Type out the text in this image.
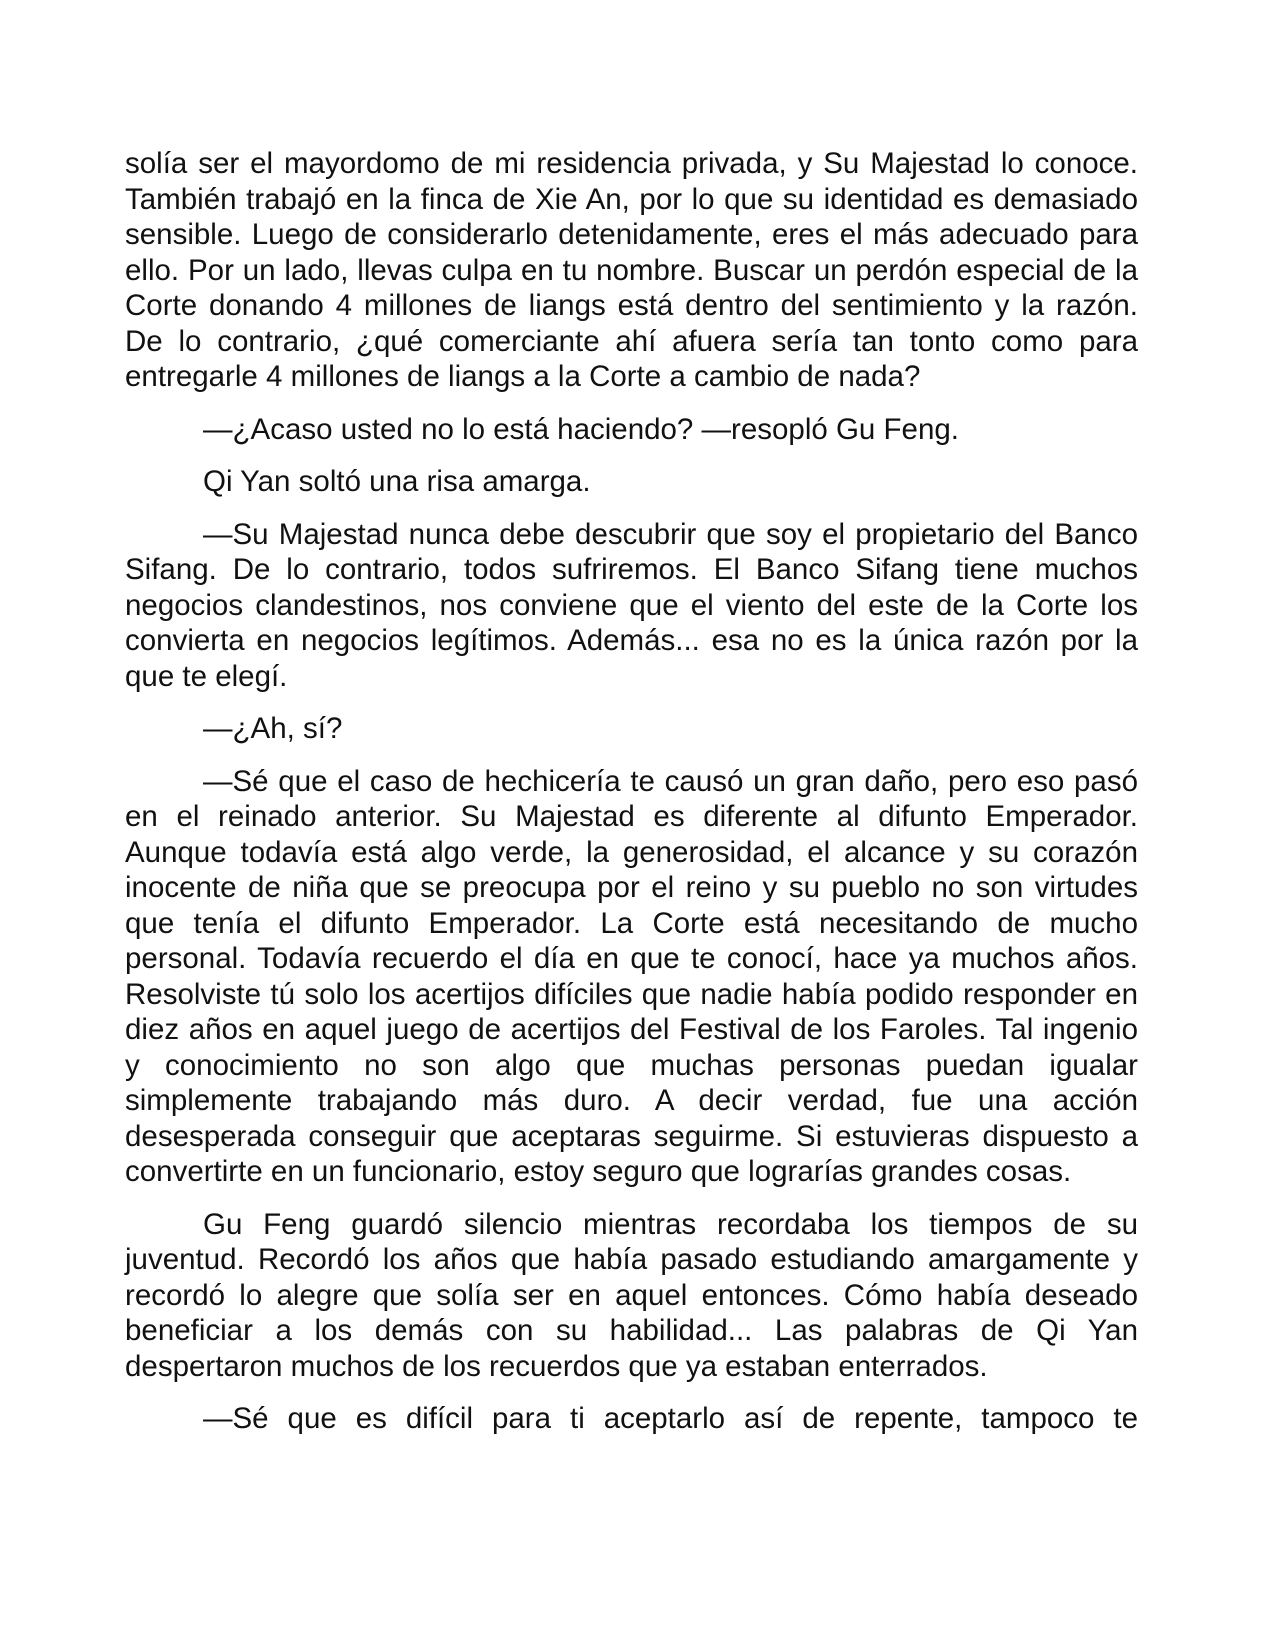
solía ser el mayordomo de mi residencia privada, y Su Majestad lo conoce. También trabajó en la finca de Xie An, por lo que su identidad es demasiado sensible. Luego de considerarlo detenidamente, eres el más adecuado para ello. Por un lado, llevas culpa en tu nombre. Buscar un perdón especial de la Corte donando 4 millones de liangs está dentro del sentimiento y la razón. De lo contrario, ¿qué comerciante ahí afuera sería tan tonto como para entregarle 4 millones de liangs a la Corte a cambio de nada?

—¿Acaso usted no lo está haciendo? —resopló Gu Feng.

Qi Yan soltó una risa amarga.

—Su Majestad nunca debe descubrir que soy el propietario del Banco Sifang. De lo contrario, todos sufriremos. El Banco Sifang tiene muchos negocios clandestinos, nos conviene que el viento del este de la Corte los convierta en negocios legítimos. Además... esa no es la única razón por la que te elegí.

—¿Ah, sí?

—Sé que el caso de hechicería te causó un gran daño, pero eso pasó en el reinado anterior. Su Majestad es diferente al difunto Emperador. Aunque todavía está algo verde, la generosidad, el alcance y su corazón inocente de niña que se preocupa por el reino y su pueblo no son virtudes que tenía el difunto Emperador. La Corte está necesitando de mucho personal. Todavía recuerdo el día en que te conocí, hace ya muchos años. Resolviste tú solo los acertijos difíciles que nadie había podido responder en diez años en aquel juego de acertijos del Festival de los Faroles. Tal ingenio y conocimiento no son algo que muchas personas puedan igualar simplemente trabajando más duro. A decir verdad, fue una acción desesperada conseguir que aceptaras seguirme. Si estuvieras dispuesto a convertirte en un funcionario, estoy seguro que lograrías grandes cosas.

Gu Feng guardó silencio mientras recordaba los tiempos de su juventud. Recordó los años que había pasado estudiando amargamente y recordó lo alegre que solía ser en aquel entonces. Cómo había deseado beneficiar a los demás con su habilidad... Las palabras de Qi Yan despertaron muchos de los recuerdos que ya estaban enterrados.

—Sé que es difícil para ti aceptarlo así de repente, tampoco te
